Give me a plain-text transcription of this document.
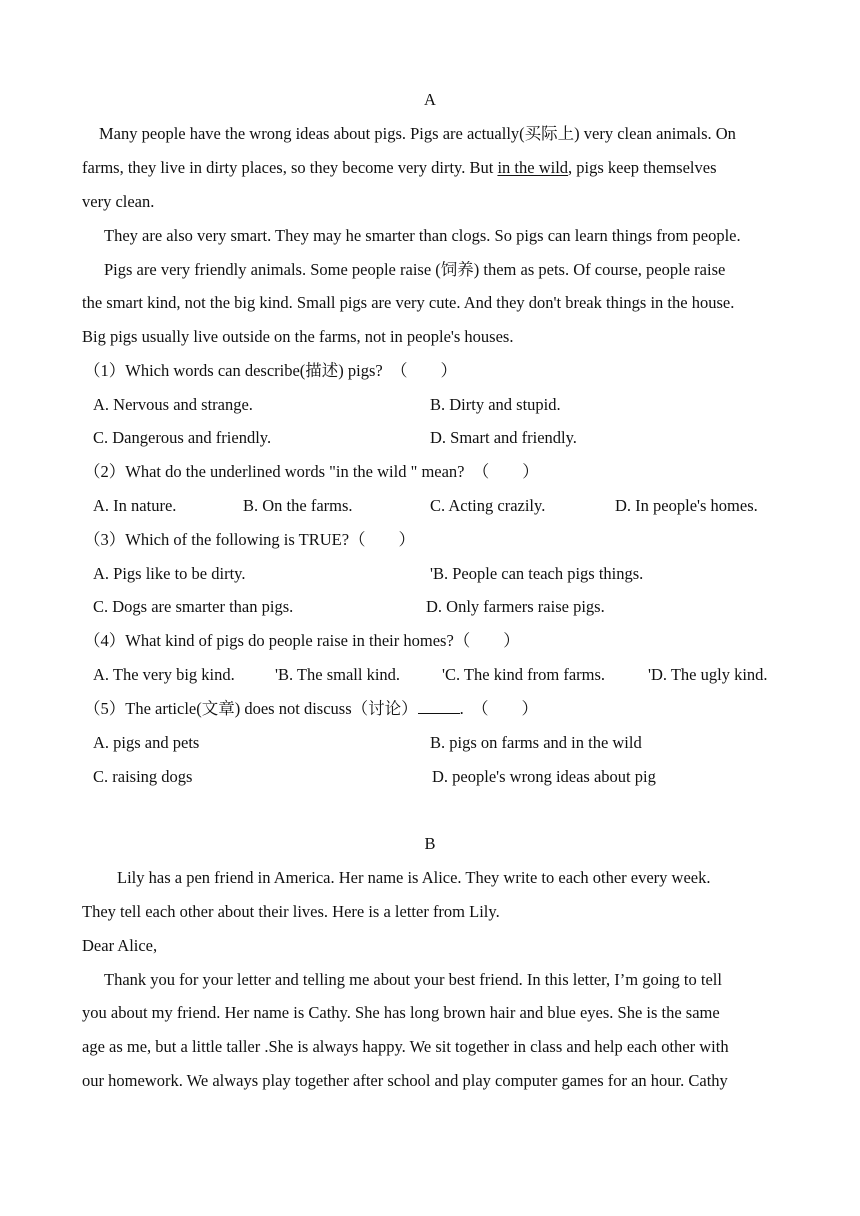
A
Many people have the wrong ideas about pigs. Pigs are actually(买际上) very clean animals. On
farms, they live in dirty places, so they become very dirty. But in the wild, pigs keep themselves
very clean.
They are also very smart. They may he smarter than clogs. So pigs can learn things from people.
Pigs are very friendly animals. Some people raise (饲养) them as pets. Of course, people raise
the smart kind, not the big kind. Small pigs are very cute. And they don't break things in the house.
Big pigs usually live outside on the farms, not in people's houses.
（1）Which words can describe(描述) pigs?　（　　）
A. Nervous and strange.	B. Dirty and stupid.
C. Dangerous and friendly.	D. Smart and friendly.
（2）What do the underlined words "in the wild " mean?　（　　）
A. In nature.	B. On the farms.	C. Acting crazily.	D. In people's homes.
（3）Which of the following is TRUE?（　　）
A. Pigs like to be dirty.	'B. People can teach pigs things.
C. Dogs are smarter than pigs.	D. Only farmers raise pigs.
（4）What kind of pigs do people raise in their homes?（　　）
A. The very big kind. 'B. The small kind.	'C. The kind from farms.	'D. The ugly kind.
（5）The article(文章) does not discuss（讨论）	.　（　　）
A. pigs and pets	B. pigs on farms and in the wild
C. raising dogs	D. people's wrong ideas about pig
B
Lily has a pen friend in America. Her name is Alice. They write to each other every week.
They tell each other about their lives. Here is a letter from Lily.
Dear Alice,
Thank you for your letter and telling me about your best friend. In this letter, I’m going to tell
you about my friend. Her name is Cathy. She has long brown hair and blue eyes. She is the same
age as me, but a little taller .She is always happy. We sit together in class and help each other with
our homework. We always play together after school and play computer games for an hour. Cathy
